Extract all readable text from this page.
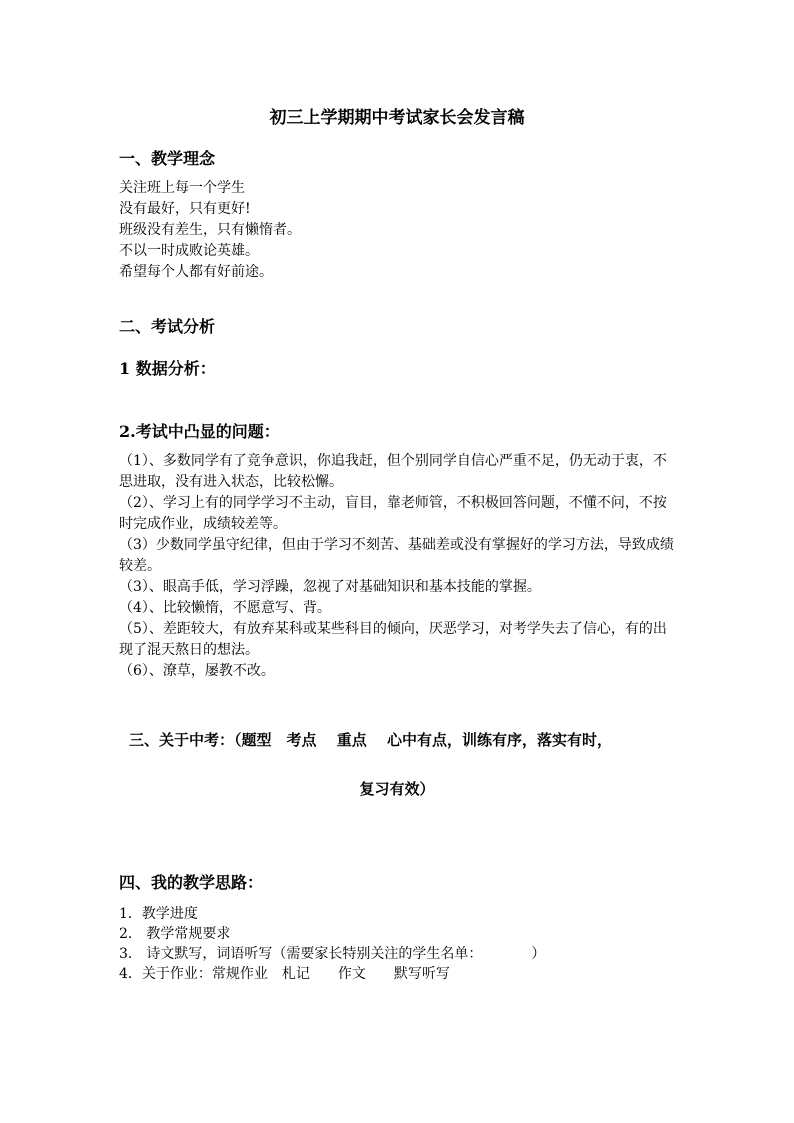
初三上学期期中考试家长会发言稿
一、教学理念
关注班上每一个学生
没有最好，只有更好!
班级没有差生，只有懒惰者。
不以一时成败论英雄。
希望每个人都有好前途。
二、考试分析
1 数据分析：
2.考试中凸显的问题：
（1）、多数同学有了竞争意识，你追我赶，但个别同学自信心严重不足，仍无动于衷，不思进取，没有进入状态，比较松懈。
（2）、学习上有的同学学习不主动，盲目，靠老师管，不积极回答问题，不懂不问，不按时完成作业，成绩较差等。
（3）少数同学虽守纪律，但由于学习不刻苦、基础差或没有掌握好的学习方法，导致成绩较差。
（3）、眼高手低，学习浮躁，忽视了对基础知识和基本技能的掌握。
（4）、比较懒惰，不愿意写、背。
（5）、差距较大，有放弃某科或某些科目的倾向，厌恶学习，对考学失去了信心，有的出现了混天熬日的想法。
（6）、潦草，屡教不改。
三、关于中考：（题型　考点　 重点　 心中有点，训练有序，落实有时，
复习有效）
四、我的教学思路：
1．教学进度
2.　教学常规要求
3.　诗文默写，词语听写（需要家长特别关注的学生名单：　　　　）
4．关于作业：常规作业　札记　　作文　　默写听写
